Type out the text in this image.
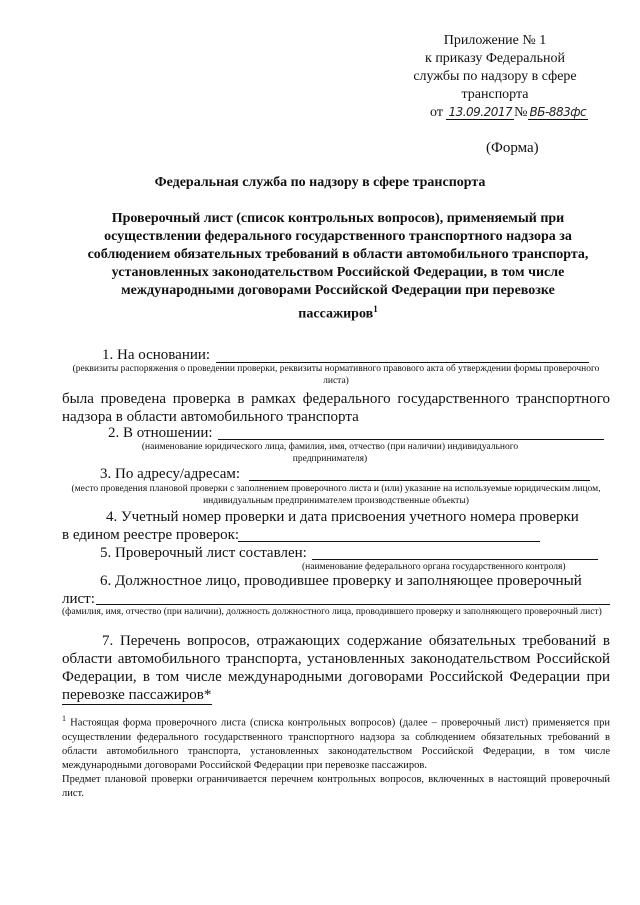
Приложение № 1
к приказу Федеральной
службы по надзору в сфере
транспорта
от 13.09.2017 № ВБ-883фс
(Форма)
Федеральная служба по надзору в сфере транспорта
Проверочный лист (список контрольных вопросов), применяемый при
осуществлении федерального государственного транспортного надзора за
соблюдением обязательных требований в области автомобильного транспорта,
установленных законодательством Российской Федерации, в том числе
международными договорами Российской Федерации при перевозке
пассажиров$^1$
1. На основании:
(реквизиты распоряжения о проведении проверки, реквизиты нормативного правового акта об утверждении формы проверочного листа)
была проведена проверка в рамках федерального государственного транспортного надзора в области автомобильного транспорта
2. В отношении:
(наименование юридического лица, фамилия, имя, отчество (при наличии) индивидуального предпринимателя)
3. По адресу/адресам:
(место проведения плановой проверки с заполнением проверочного листа и (или) указание на используемые юридическим лицом, индивидуальным предпринимателем производственные объекты)
4. Учетный номер проверки и дата присвоения учетного номера проверки
в едином реестре проверок:
5. Проверочный лист составлен:
(наименование федерального органа государственного контроля)
6. Должностное лицо, проводившее проверку и заполняющее проверочный
лист:
(фамилия, имя, отчество (при наличии), должность должностного лица, проводившего проверку и заполняющего проверочный лист)
7. Перечень вопросов, отражающих содержание обязательных требований в области автомобильного транспорта, установленных законодательством Российской Федерации, в том числе международными договорами Российской Федерации при перевозке пассажиров*
$^1$ Настоящая форма проверочного листа (списка контрольных вопросов) (далее – проверочный лист) применяется при осуществлении федерального государственного транспортного надзора за соблюдением обязательных требований в области автомобильного транспорта, установленных законодательством Российской Федерации, в том числе международными договорами Российской Федерации при перевозке пассажиров.
Предмет плановой проверки ограничивается перечнем контрольных вопросов, включенных в настоящий проверочный лист.
